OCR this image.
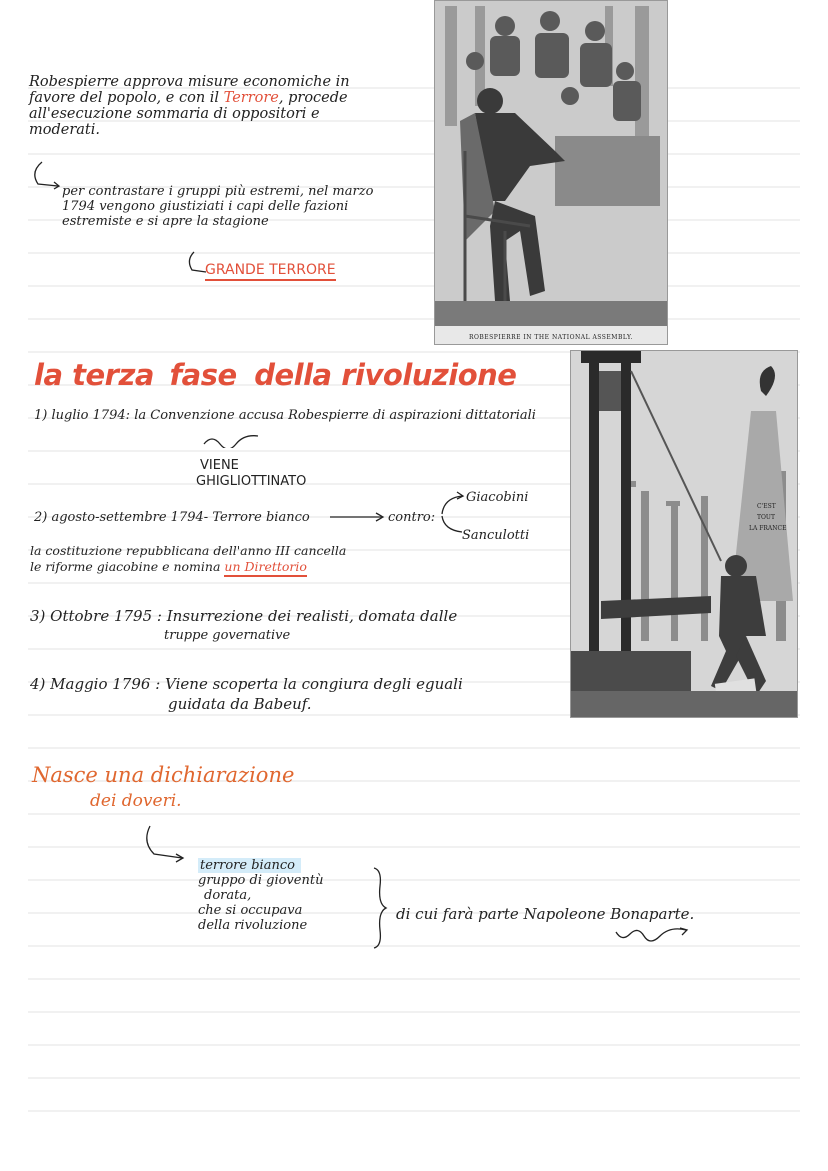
ROBESPIERRE IN THE NATIONAL ASSEMBLY.
C'EST
TOUT
LA FRANCE
Robespierre approva misure economiche in
favore del popolo, e con il Terrore, procede
all'esecuzione sommaria di oppositori e
moderati.
per contrastare i gruppi più estremi, nel marzo
1794 vengono giustiziati i capi delle fazioni
estremiste e si apre la stagione
GRANDE TERRORE
la terza fase della rivoluzione
1) luglio 1794: la Convenzione accusa Robespierre di aspirazioni dittatoriali
VIENE
GHIGLIOTTINATO
2) agosto-settembre 1794- Terrore bianco	contro:
Giacobini
Sanculotti
la costituzione repubblicana dell'anno III cancella
le riforme giacobine e nomina un Direttorio
3) Ottobre 1795 : Insurrezione dei realisti, domata dalle
truppe governative
4) Maggio 1796 : Viene scoperta la congiura degli eguali
guidata da Babeuf.
Nasce una dichiarazione
dei doveri.
terrore bianco
gruppo di gioventù
dorata,
che si occupava
della rivoluzione
di cui farà parte Napoleone Bonaparte.
